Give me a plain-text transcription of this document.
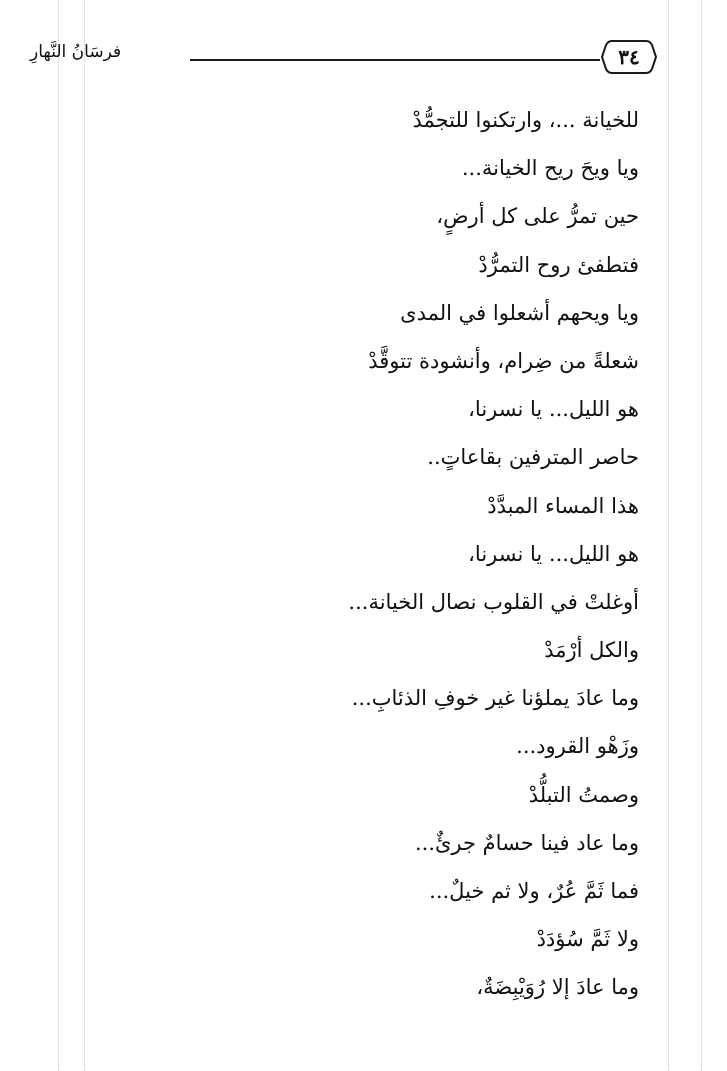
فرسَانُ النَّهارِ	٣٤
للخيانة ...، وارتكنوا للتجمُّدْ
ويا ويحَ ريح الخيانة...
حين تمرُّ على كل أرضٍ،
فتطفئ روح التمرُّدْ
ويا ويحهم أشعلوا في المدى
شعلةً من ضِرام، وأنشودة تتوقَّدْ
هو الليل... يا نسرنا،
حاصر المترفين بقاعاتٍ..
هذا المساء المبدَّدْ
هو الليل... يا نسرنا،
أوغلتْ في القلوب نصال الخيانة...
والكل أرْمَدْ
وما عادَ يملؤنا غير خوفِ الذئابِ...
وزَهْو القرود...
وصمتُ التبلُّدْ
وما عاد فينا حسامٌ جرئٌ...
فما ثَمَّ عُرٌ، ولا ثم خيلٌ...
ولا ثَمَّ سُؤدَدْ
وما عادَ إلا رُوَيْبِضَةٌ،
